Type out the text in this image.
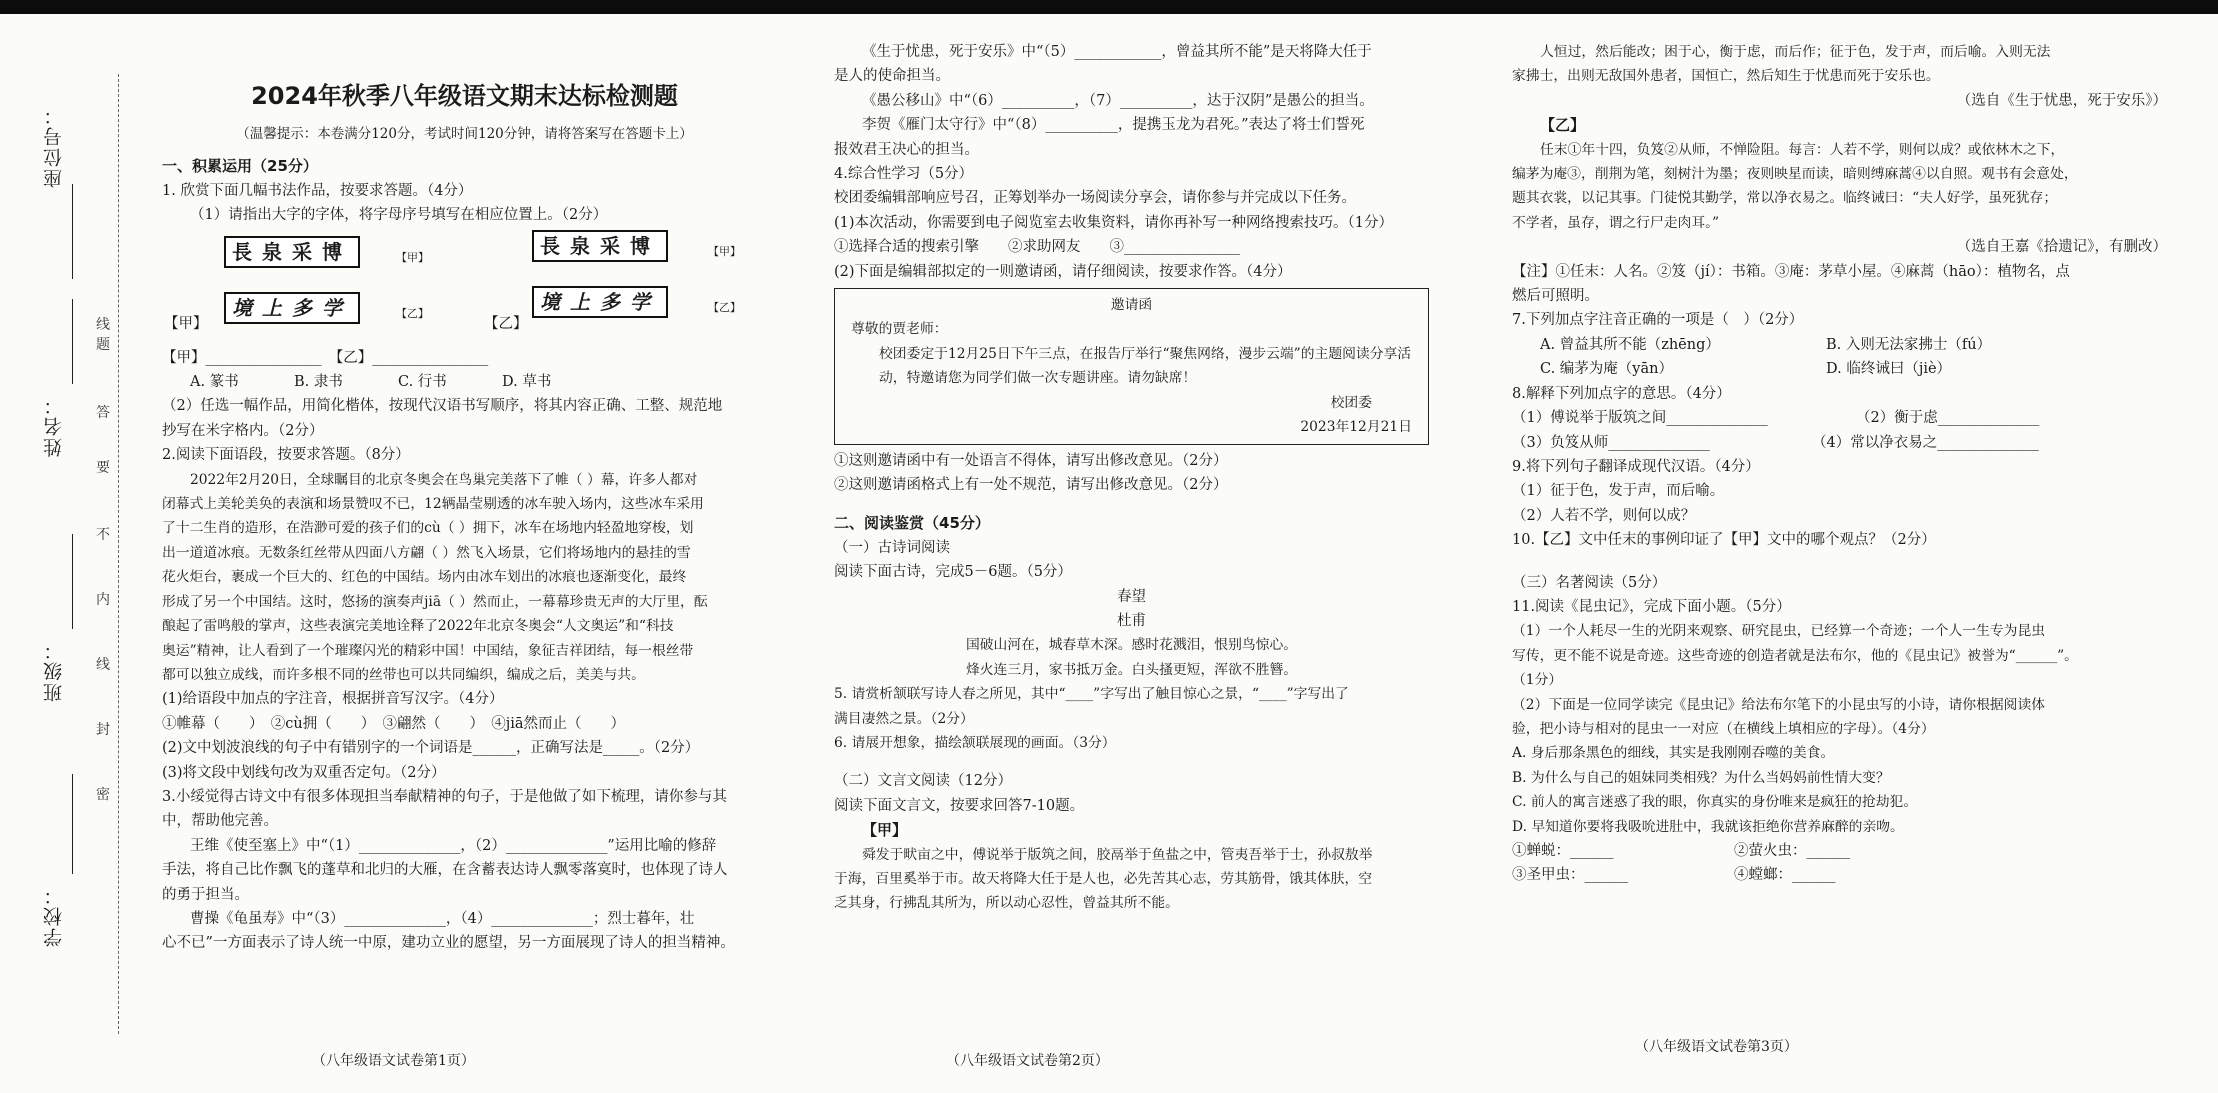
座位号：
姓名：
班级：
学校：
线
题
答
要
不
内
线
封
密
2024年秋季八年级语文期末达标检测题
（温馨提示：本卷满分120分，考试时间120分钟，请将答案写在答题卡上）

一、积累运用（25分）

1. 欣赏下面几幅书法作品，按要求答题。（4分）

（1）请指出大字的字体，将字母序号填写在相应位置上。（2分）

長泉采博	【甲】
境上多学	【乙】
長泉采博	【甲】
境上多学	【乙】
【甲】	【乙】

【甲】________________　【乙】________________

A. 篆书	B. 隶书	C. 行书	D. 草书

（2）任选一幅作品，用简化楷体，按现代汉语书写顺序，将其内容正确、工整、规范地

抄写在米字格内。（2分）

2.阅读下面语段，按要求答题。（8分）

2022年2月20日，全球瞩目的北京冬奥会在鸟巢完美落下了帷（ ）幕，许多人都对

闭幕式上美轮美奂的表演和场景赞叹不已，12辆晶莹剔透的冰车驶入场内，这些冰车采用

了十二生肖的造形，在浩渺可爱的孩子们的cù（ ）拥下，冰车在场地内轻盈地穿梭，划

出一道道冰痕。无数条红丝带从四面八方翩（ ）然飞入场景，它们将场地内的悬挂的雪

花火炬台，裹成一个巨大的、红色的中国结。场内由冰车划出的冰痕也逐渐变化，最终

形成了另一个中国结。这时，悠扬的演奏声jiā（ ）然而止，一幕幕珍贵无声的大厅里，酝

酿起了雷鸣般的掌声，这些表演完美地诠释了2022年北京冬奥会“人文奥运”和“科技

奥运”精神，让人看到了一个璀璨闪光的精彩中国！中国结，象征吉祥团结，每一根丝带

都可以独立成线，而许多根不同的丝带也可以共同编织，编成之后，美美与共。

(1)给语段中加点的字注音，根据拼音写汉字。（4分）

①帷幕（　　）　②cù拥（　　）　③翩然（　　）　④jiā然而止（　　）

(2)文中划波浪线的句子中有错别字的一个词语是______，正确写法是_____。（2分）

(3)将文段中划线句改为双重否定句。（2分）

3.小绥觉得古诗文中有很多体现担当奉献精神的句子，于是他做了如下梳理，请你参与其

中，帮助他完善。

王维《使至塞上》中“（1）______________，（2）______________”运用比喻的修辞

手法，将自己比作飘飞的蓬草和北归的大雁，在含蓄表达诗人飘零落寞时，也体现了诗人

的勇于担当。

曹操《龟虽寿》中“（3）______________，（4）______________；烈士暮年，壮

心不已”一方面表示了诗人统一中原，建功立业的愿望，另一方面展现了诗人的担当精神。

（八年级语文试卷第1页）

《生于忧患，死于安乐》中“（5）____________，曾益其所不能”是天将降大任于

是人的使命担当。

《愚公移山》中“（6）__________，（7）__________，达于汉阴”是愚公的担当。

李贺《雁门太守行》中“（8）__________，提携玉龙为君死。”表达了将士们誓死

报效君王决心的担当。

4.综合性学习（5分）

校团委编辑部响应号召，正筹划举办一场阅读分享会，请你参与并完成以下任务。

(1)本次活动，你需要到电子阅览室去收集资料，请你再补写一种网络搜索技巧。（1分）

①选择合适的搜索引擎　　②求助网友　　③________________

(2)下面是编辑部拟定的一则邀请函，请仔细阅读，按要求作答。（4分）

邀请函

尊敬的贾老师：

校团委定于12月25日下午三点，在报告厅举行“聚焦网络，漫步云端”的主题阅读分享活动，特邀请您为同学们做一次专题讲座。请勿缺席！

校团委

2023年12月21日

①这则邀请函中有一处语言不得体，请写出修改意见。（2分）

②这则邀请函格式上有一处不规范，请写出修改意见。（2分）

二、阅读鉴赏（45分）

（一）古诗词阅读

阅读下面古诗，完成5－6题。（5分）

春望

杜甫

国破山河在，城春草木深。感时花溅泪，恨别鸟惊心。

烽火连三月，家书抵万金。白头搔更短，浑欲不胜簪。

5. 请赏析颔联写诗人春之所见，其中“____”字写出了触目惊心之景，“____”字写出了

满目凄然之景。（2分）

6. 请展开想象，描绘颔联展现的画面。（3分）

（二）文言文阅读（12分）

阅读下面文言文，按要求回答7-10题。

【甲】

舜发于畎亩之中，傅说举于版筑之间，胶鬲举于鱼盐之中，管夷吾举于士，孙叔敖举

于海，百里奚举于市。故天将降大任于是人也，必先苦其心志，劳其筋骨，饿其体肤，空

乏其身，行拂乱其所为，所以动心忍性，曾益其所不能。

（八年级语文试卷第2页）

人恒过，然后能改；困于心，衡于虑，而后作；征于色，发于声，而后喻。入则无法

家拂士，出则无敌国外患者，国恒亡，然后知生于忧患而死于安乐也。

（选自《生于忧患，死于安乐》）

【乙】

任末①年十四，负笈②从师，不惮险阻。每言：人若不学，则何以成？或依林木之下，

编茅为庵③，削荆为笔，刻树汁为墨；夜则映星而读，暗则缚麻蒿④以自照。观书有会意处，

题其衣裳，以记其事。门徒悦其勤学，常以净衣易之。临终诫曰：“夫人好学，虽死犹存；

不学者，虽存，谓之行尸走肉耳。”

（选自王嘉《拾遗记》，有删改）

【注】①任末：人名。②笈（jí）：书箱。③庵：茅草小屋。④麻蒿（hāo）：植物名，点

燃后可照明。

7.下列加点字注音正确的一项是（　）（2分）

A. 曾益其所不能（zhēng）	B. 入则无法家拂士（fú）

C. 编茅为庵（yān）	D. 临终诫曰（jiè）

8.解释下列加点字的意思。（4分）

（1）傅说举于版筑之间______________	（2）衡于虑______________

（3）负笈从师______________	（4）常以净衣易之______________

9.将下列句子翻译成现代汉语。（4分）

（1）征于色，发于声，而后喻。

（2）人若不学，则何以成？

10.【乙】文中任末的事例印证了【甲】文中的哪个观点？（2分）

（三）名著阅读（5分）

11.阅读《昆虫记》，完成下面小题。（5分）

（1）一个人耗尽一生的光阴来观察、研究昆虫，已经算一个奇迹；一个人一生专为昆虫

写传，更不能不说是奇迹。这些奇迹的创造者就是法布尔，他的《昆虫记》被誉为“______”。

（1分）

（2）下面是一位同学读完《昆虫记》给法布尔笔下的小昆虫写的小诗，请你根据阅读体

验，把小诗与相对的昆虫一一对应（在横线上填相应的字母）。（4分）

A. 身后那条黑色的细线，其实是我刚刚吞噬的美食。

B. 为什么与自己的姐妹同类相残？为什么当妈妈前性情大变？

C. 前人的寓言迷惑了我的眼，你真实的身份唯来是疯狂的抢劫犯。

D. 早知道你要将我吸吮进肚中，我就该拒绝你营养麻醉的亲吻。

①蝉蜕：______	②萤火虫：______

③圣甲虫：______	④螳螂：______

（八年级语文试卷第3页）
